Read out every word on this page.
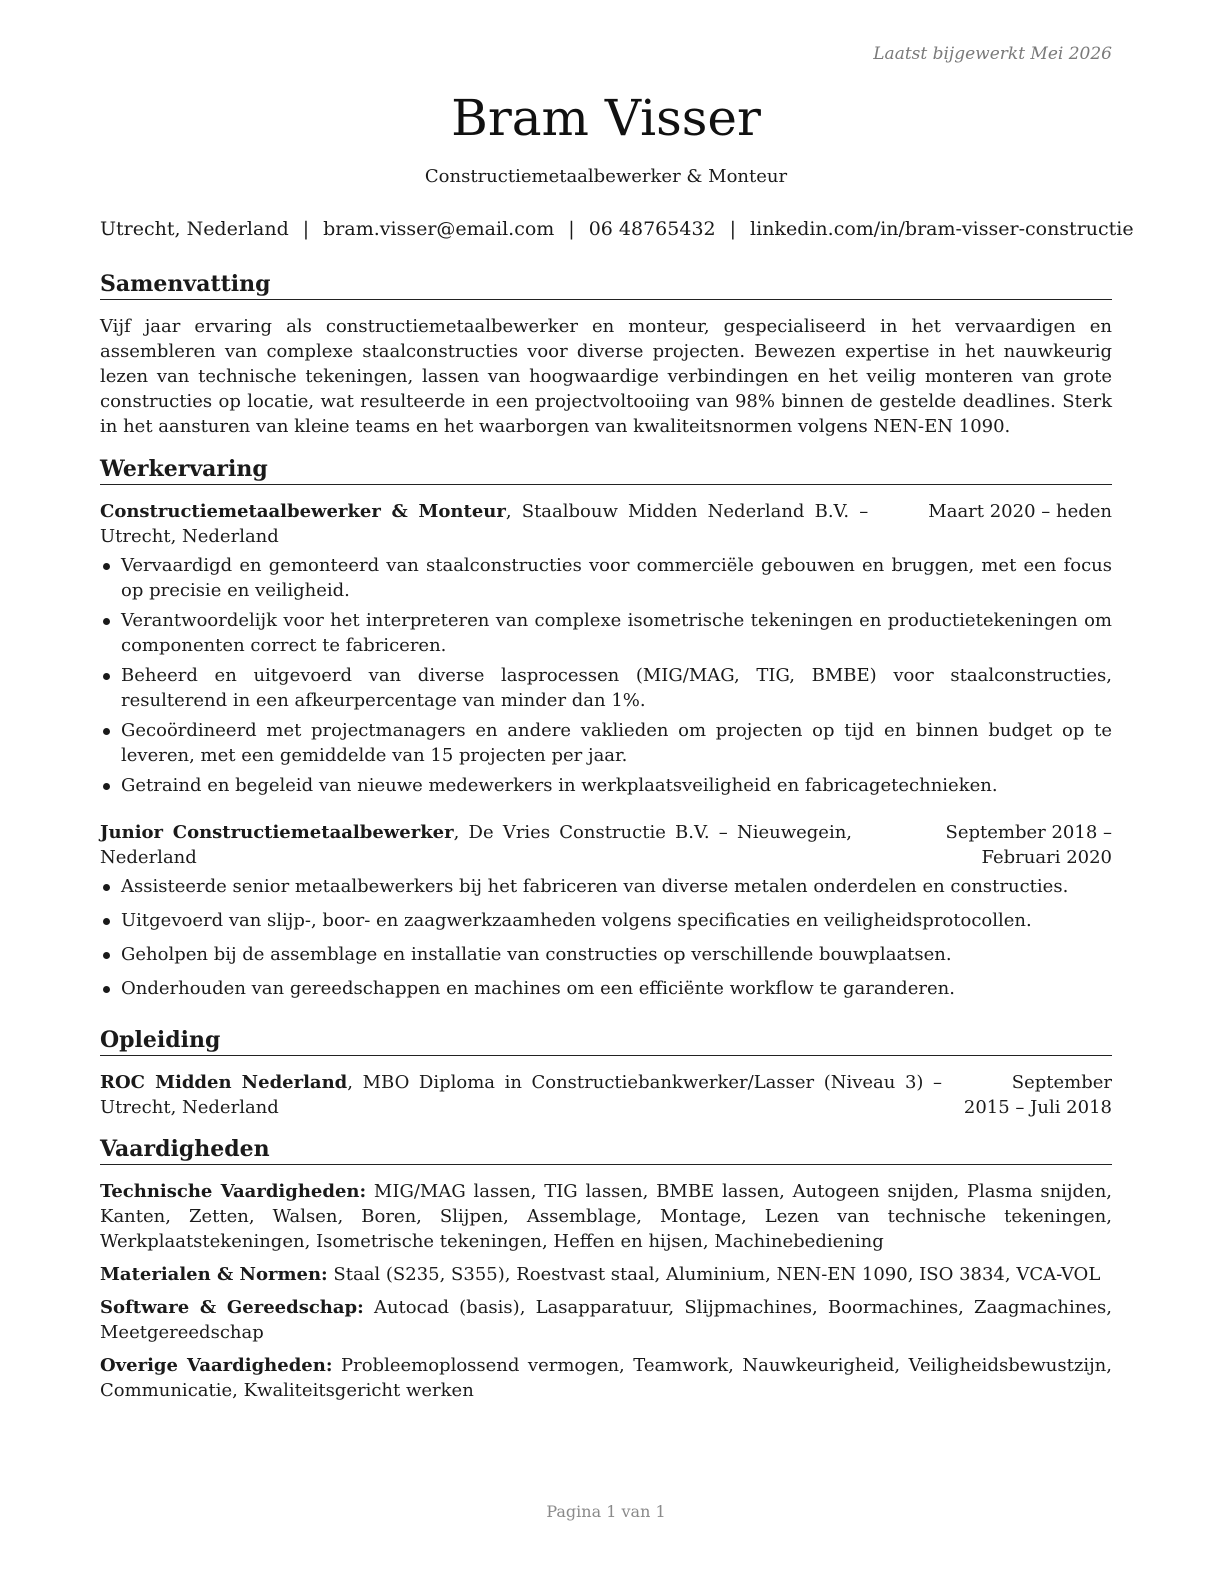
Laatst bijgewerkt Mei 2026
Bram Visser
Constructiemetaalbewerker & Monteur
Utrecht, Nederland | bram.visser@email.com | 06 48765432 | linkedin.com/in/bram-visser-constructie
Samenvatting
Vijf jaar ervaring als constructiemetaalbewerker en monteur, gespecialiseerd in het vervaardigen en assembleren van complexe staalconstructies voor diverse projecten. Bewezen expertise in het nauwkeurig lezen van technische tekeningen, lassen van hoogwaardige verbindingen en het veilig monteren van grote constructies op locatie, wat resulteerde in een projectvoltooiing van 98% binnen de gestelde deadlines. Sterk in het aansturen van kleine teams en het waarborgen van kwaliteitsnormen volgens NEN-EN 1090.
Werkervaring
Constructiemetaalbewerker & Monteur, Staalbouw Midden Nederland B.V. – Utrecht, Nederland
Maart 2020 – heden
Vervaardigd en gemonteerd van staalconstructies voor commerciële gebouwen en bruggen, met een focus op precisie en veiligheid.
Verantwoordelijk voor het interpreteren van complexe isometrische tekeningen en productietekeningen om componenten correct te fabriceren.
Beheerd en uitgevoerd van diverse lasprocessen (MIG/MAG, TIG, BMBE) voor staalconstructies, resulterend in een afkeurpercentage van minder dan 1%.
Gecoördineerd met projectmanagers en andere vaklieden om projecten op tijd en binnen budget op te leveren, met een gemiddelde van 15 projecten per jaar.
Getraind en begeleid van nieuwe medewerkers in werkplaatsveiligheid en fabricagetechnieken.
Junior Constructiemetaalbewerker, De Vries Constructie B.V. – Nieuwegein, Nederland
September 2018 – Februari 2020
Assisteerde senior metaalbewerkers bij het fabriceren van diverse metalen onderdelen en constructies.
Uitgevoerd van slijp-, boor- en zaagwerkzaamheden volgens specificaties en veiligheidsprotocollen.
Geholpen bij de assemblage en installatie van constructies op verschillende bouwplaatsen.
Onderhouden van gereedschappen en machines om een efficiënte workflow te garanderen.
Opleiding
ROC Midden Nederland, MBO Diploma in Constructiebankwerker/Lasser (Niveau 3) – Utrecht, Nederland
September 2015 – Juli 2018
Vaardigheden
Technische Vaardigheden: MIG/MAG lassen, TIG lassen, BMBE lassen, Autogeen snijden, Plasma snijden, Kanten, Zetten, Walsen, Boren, Slijpen, Assemblage, Montage, Lezen van technische tekeningen, Werkplaatstekeningen, Isometrische tekeningen, Heffen en hijsen, Machinebediening
Materialen & Normen: Staal (S235, S355), Roestvast staal, Aluminium, NEN-EN 1090, ISO 3834, VCA-VOL
Software & Gereedschap: Autocad (basis), Lasapparatuur, Slijpmachines, Boormachines, Zaagmachines, Meetgereedschap
Overige Vaardigheden: Probleemoplossend vermogen, Teamwork, Nauwkeurigheid, Veiligheidsbewustzijn, Communicatie, Kwaliteitsgericht werken
Pagina 1 van 1
